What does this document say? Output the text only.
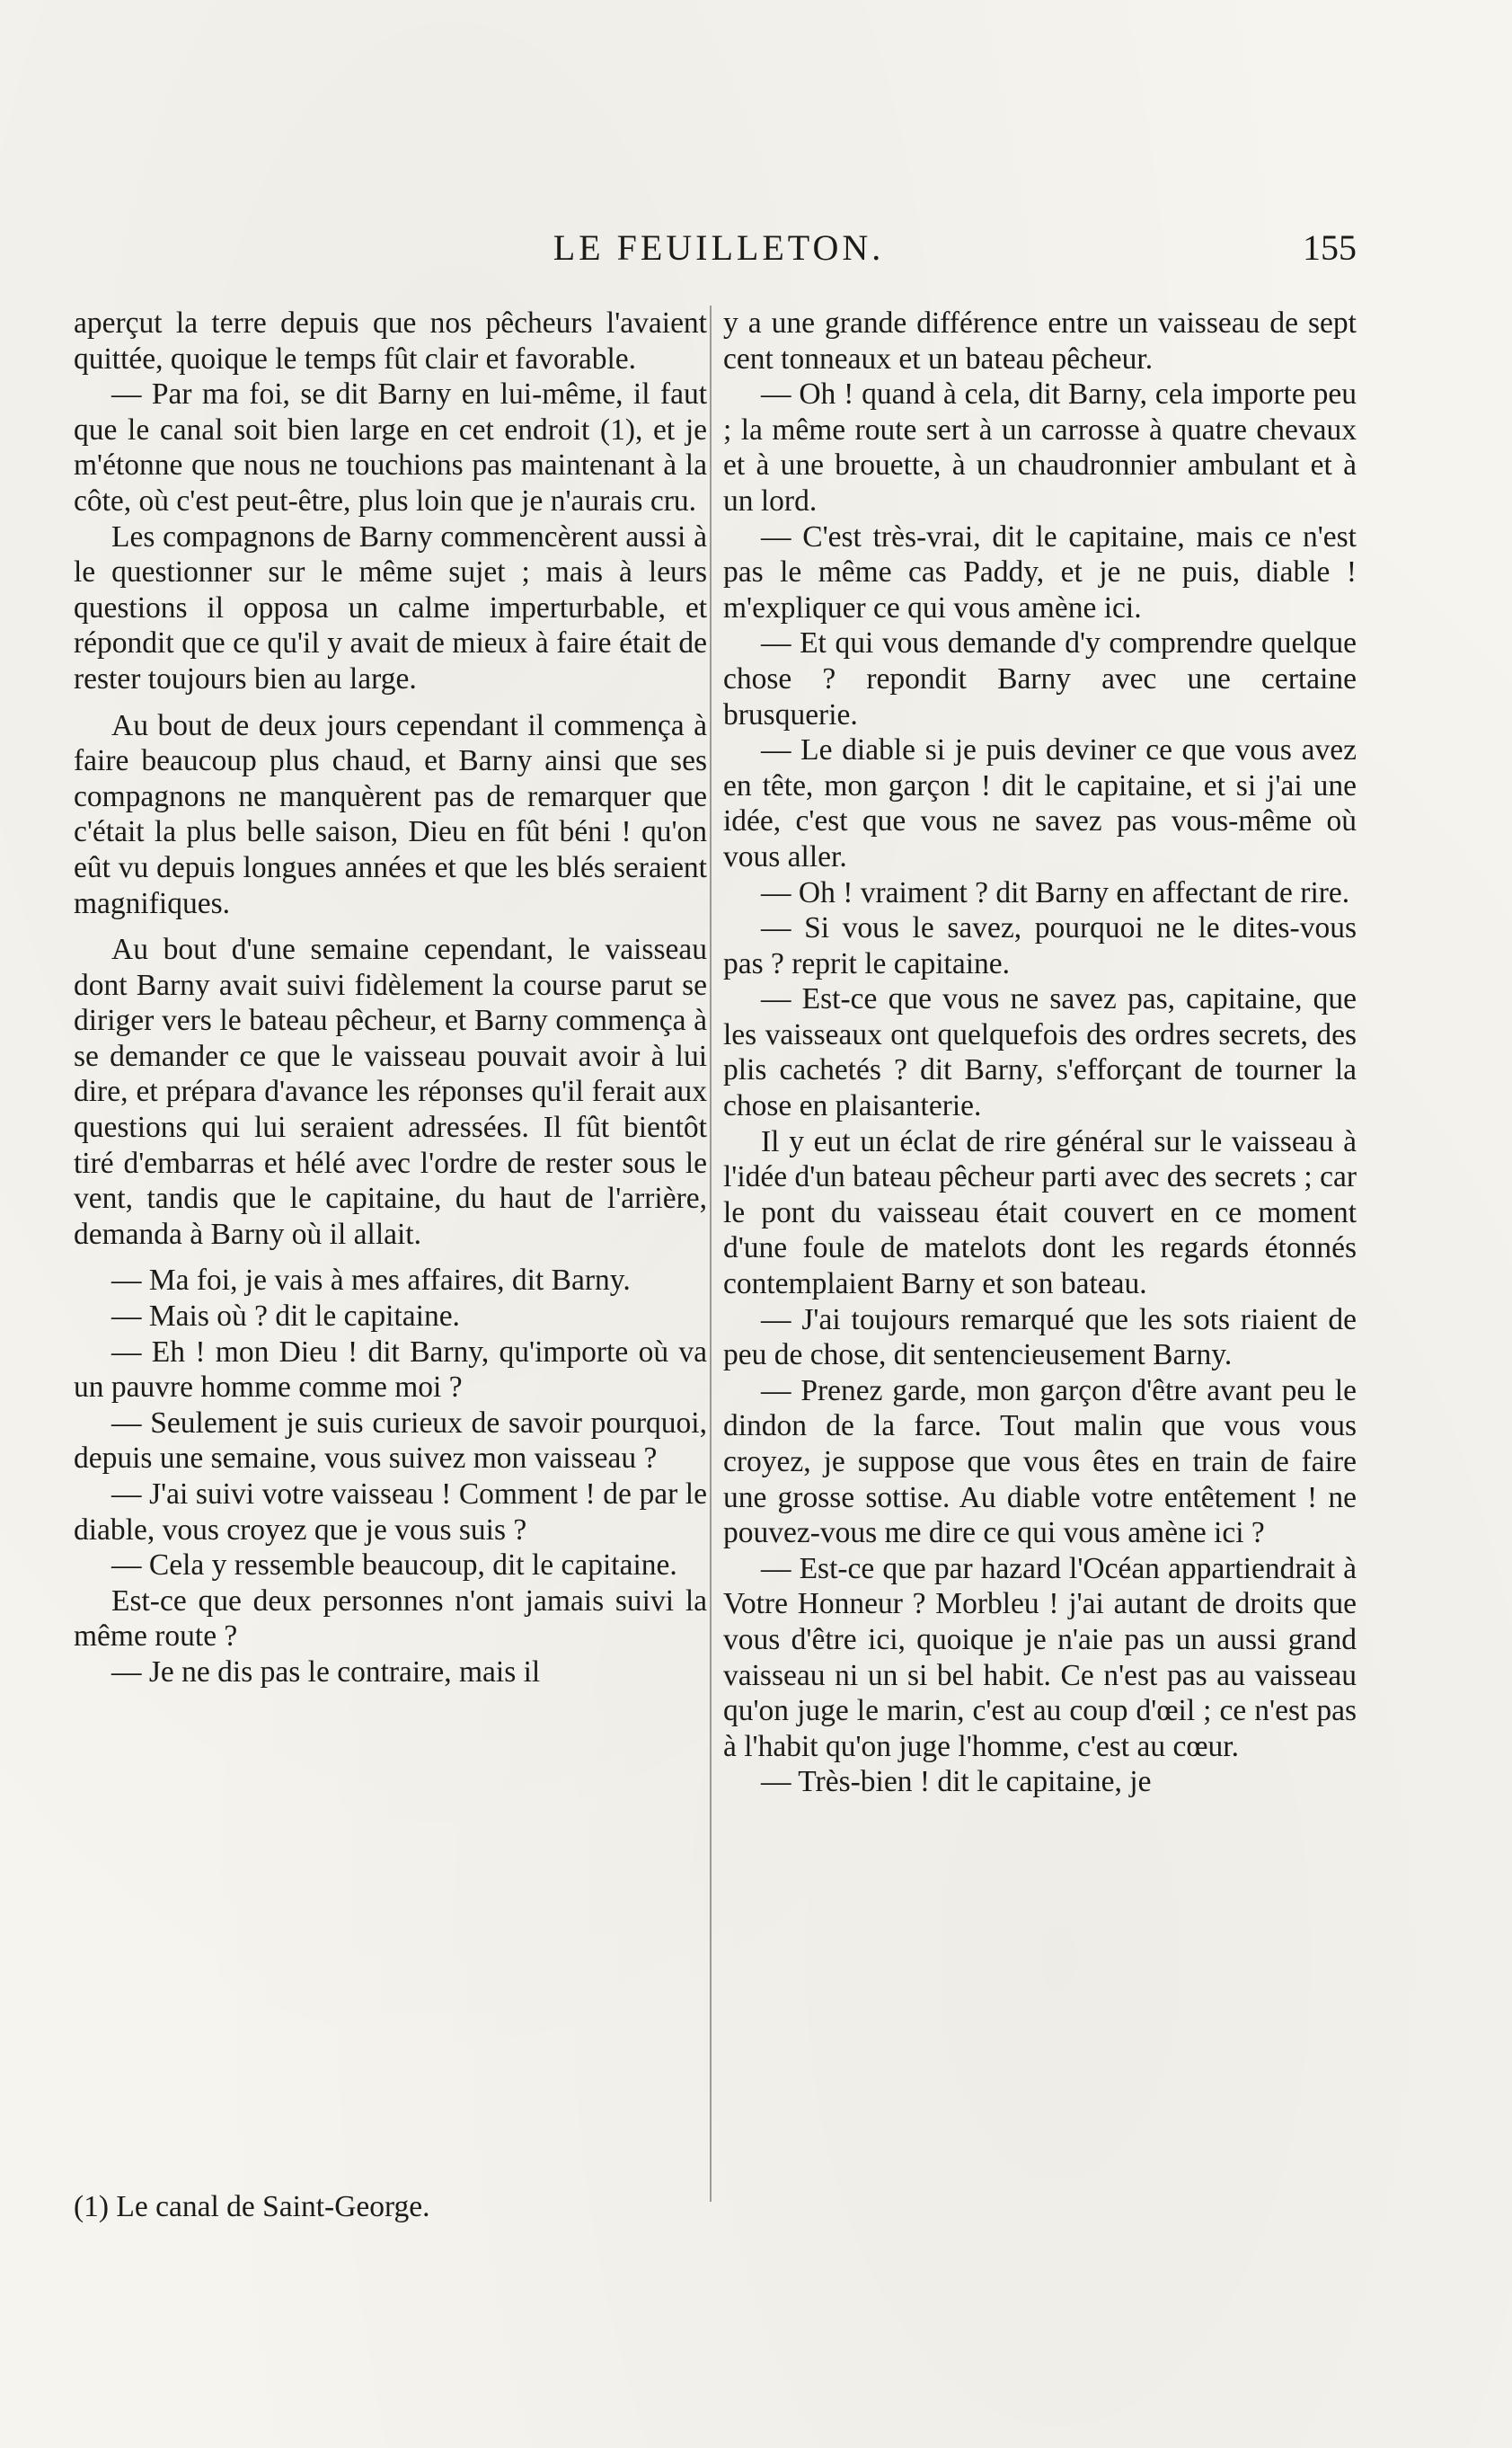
LE FEUILLETON.	155

aperçut la terre depuis que nos pêcheurs l'avaient quittée, quoique le temps fût clair et favorable.

— Par ma foi, se dit Barny en lui-même, il faut que le canal soit bien large en cet endroit (1), et je m'étonne que nous ne touchions pas maintenant à la côte, où c'est peut-être, plus loin que je n'aurais cru.

Les compagnons de Barny commencèrent aussi à le questionner sur le même sujet ; mais à leurs questions il opposa un calme imperturbable, et répondit que ce qu'il y avait de mieux à faire était de rester toujours bien au large.

Au bout de deux jours cependant il commença à faire beaucoup plus chaud, et Barny ainsi que ses compagnons ne manquèrent pas de remarquer que c'était la plus belle saison, Dieu en fût béni ! qu'on eût vu depuis longues années et que les blés seraient magnifiques.

Au bout d'une semaine cependant, le vaisseau dont Barny avait suivi fidèlement la course parut se diriger vers le bateau pêcheur, et Barny commença à se demander ce que le vaisseau pouvait avoir à lui dire, et prépara d'avance les réponses qu'il ferait aux questions qui lui seraient adressées. Il fût bientôt tiré d'embarras et hélé avec l'ordre de rester sous le vent, tandis que le capitaine, du haut de l'arrière, demanda à Barny où il allait.

— Ma foi, je vais à mes affaires, dit Barny.

— Mais où ? dit le capitaine.

— Eh ! mon Dieu ! dit Barny, qu'importe où va un pauvre homme comme moi ?

— Seulement je suis curieux de savoir pourquoi, depuis une semaine, vous suivez mon vaisseau ?

— J'ai suivi votre vaisseau ! Comment ! de par le diable, vous croyez que je vous suis ?

— Cela y ressemble beaucoup, dit le capitaine.

Est-ce que deux personnes n'ont jamais suivi la même route ?

— Je ne dis pas le contraire, mais il

y a une grande différence entre un vaisseau de sept cent tonneaux et un bateau pêcheur.

— Oh ! quand à cela, dit Barny, cela importe peu ; la même route sert à un carrosse à quatre chevaux et à une brouette, à un chaudronnier ambulant et à un lord.

— C'est très-vrai, dit le capitaine, mais ce n'est pas le même cas Paddy, et je ne puis, diable ! m'expliquer ce qui vous amène ici.

— Et qui vous demande d'y comprendre quelque chose ? repondit Barny avec une certaine brusquerie.

— Le diable si je puis deviner ce que vous avez en tête, mon garçon ! dit le capitaine, et si j'ai une idée, c'est que vous ne savez pas vous-même où vous aller.

— Oh ! vraiment ? dit Barny en affectant de rire.

— Si vous le savez, pourquoi ne le dites-vous pas ? reprit le capitaine.

— Est-ce que vous ne savez pas, capitaine, que les vaisseaux ont quelquefois des ordres secrets, des plis cachetés ? dit Barny, s'efforçant de tourner la chose en plaisanterie.

Il y eut un éclat de rire général sur le vaisseau à l'idée d'un bateau pêcheur parti avec des secrets ; car le pont du vaisseau était couvert en ce moment d'une foule de matelots dont les regards étonnés contemplaient Barny et son bateau.

— J'ai toujours remarqué que les sots riaient de peu de chose, dit sentencieusement Barny.

— Prenez garde, mon garçon d'être avant peu le dindon de la farce. Tout malin que vous vous croyez, je suppose que vous êtes en train de faire une grosse sottise. Au diable votre entêtement ! ne pouvez-vous me dire ce qui vous amène ici ?

— Est-ce que par hazard l'Océan appartiendrait à Votre Honneur ? Morbleu ! j'ai autant de droits que vous d'être ici, quoique je n'aie pas un aussi grand vaisseau ni un si bel habit. Ce n'est pas au vaisseau qu'on juge le marin, c'est au coup d'œil ; ce n'est pas à l'habit qu'on juge l'homme, c'est au cœur.

— Très-bien ! dit le capitaine, je

(1) Le canal de Saint-George.
